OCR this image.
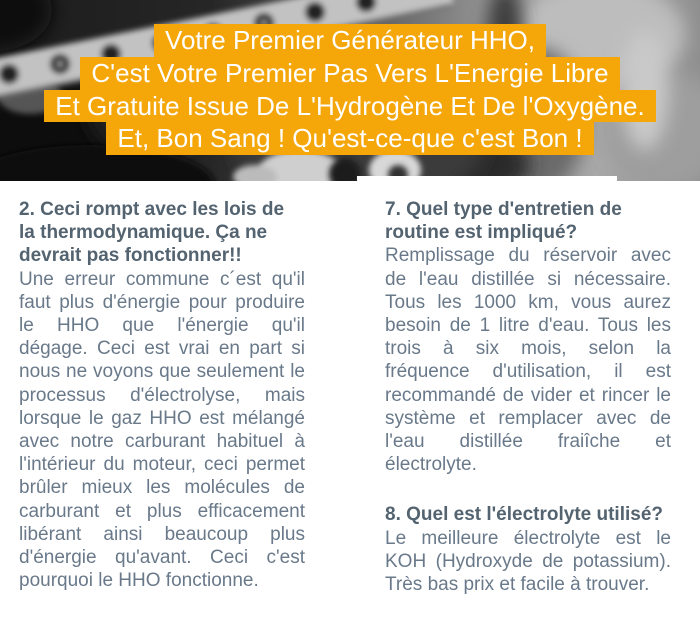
Votre Premier Générateur HHO,
C'est Votre Premier Pas Vers L'Energie Libre
Et Gratuite Issue De L'Hydrogène Et De l'Oxygène.
Et, Bon Sang ! Qu'est-ce-que c'est Bon !
2. Ceci rompt avec les lois de la thermodynamique. Ça ne devrait pas fonctionner!!

Une erreur commune c´est qu'il faut plus d'énergie pour produire le HHO que l'énergie qu'il dégage. Ceci est vrai en part si nous ne voyons que seulement le processus d'électrolyse, mais lorsque le gaz HHO est mélangé avec notre carburant habituel à l'intérieur du moteur, ceci permet brûler mieux les molécules de carburant et plus efficacement libérant ainsi beaucoup plus d'énergie qu'avant. Ceci c'est pourquoi le HHO fonctionne.

7. Quel type d'entretien de routine est impliqué?

Remplissage du réservoir avec de l'eau distillée si nécessaire. Tous les 1000 km, vous aurez besoin de 1 litre d'eau. Tous les trois à six mois, selon la fréquence d'utilisation, il est recommandé de vider et rincer le système et remplacer avec de l'eau distillée fraiîche et électrolyte.

8. Quel est l'électrolyte utilisé?

Le meilleure électrolyte est le KOH (Hydroxyde de potassium). Très bas prix et facile à trouver.
